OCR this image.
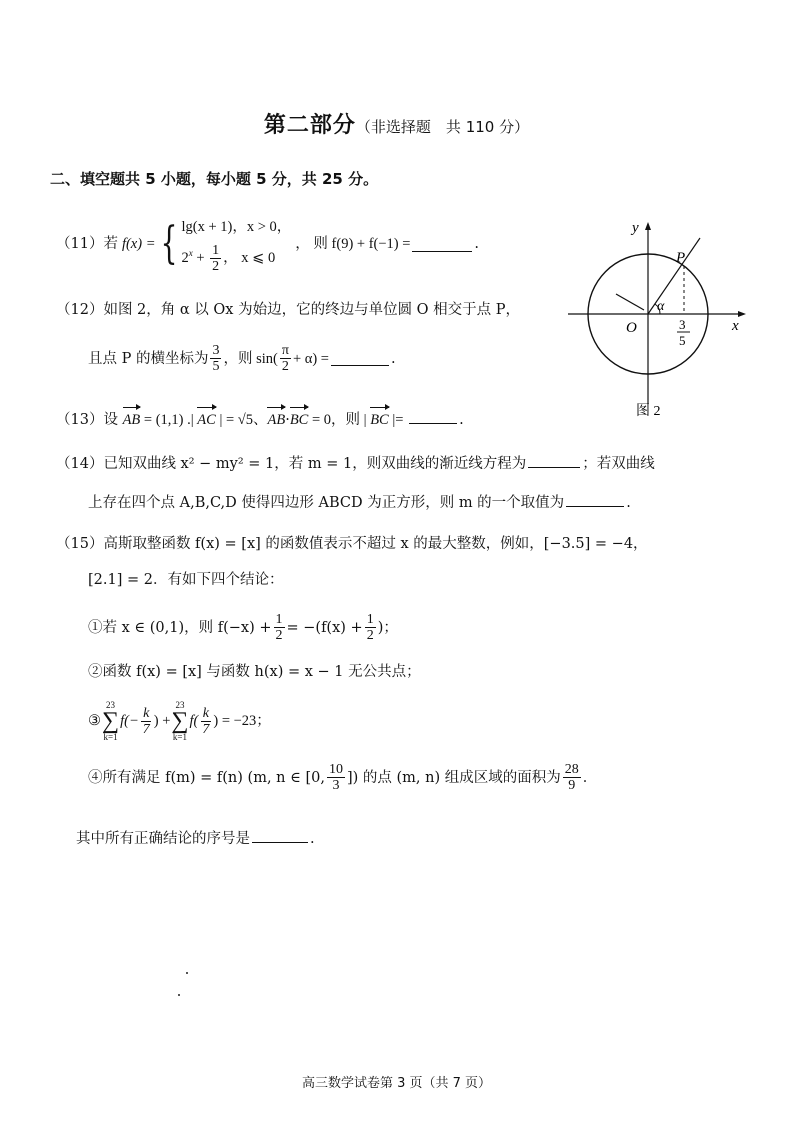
第二部分（非选择题　共 110 分）
二、填空题共 5 小题，每小题 5 分，共 25 分。
（11）若 f(x) = { lg(x + 1)，x > 0，
$2^x + \frac{1}{2}$ ， x ⩽ 0
， 则 f(9) + f(−1) =	.
（12）如图 2，角 α 以 Ox 为始边，它的终边与单位圆 O 相交于点 P，
且点 P 的横坐标为 $\frac{3}{5}$ ，则 $\sin( \frac{\pi}{2} + \alpha)$ =	.
（13）设 AB = (1,1) .| AC | = √5、AB·BC = 0，则 | BC |=	.
（14）已知双曲线 x² − my² = 1，若 m = 1，则双曲线的渐近线方程为	；若双曲线
上存在四个点 A,B,C,D 使得四边形 ABCD 为正方形，则 m 的一个取值为	.
（15）高斯取整函数 f(x) = [x] 的函数值表示不超过 x 的最大整数，例如，[−3.5] = −4，
[2.1] = 2．有如下四个结论：
①若 x ∈ (0,1)，则 $f(-x) + \frac{1}{2} = -(f(x) + \frac{1}{2}$ )；
②函数 f(x) = [x] 与函数 h(x) = x − 1 无公共点；
③
23
∑
k=1
$f(- \frac{k}{7}$ ) +
23
∑
k=1
$f( \frac{k}{7}$ ) = −23；
④所有满足 f(m) = f(n) (m, n ∈ [0, $\frac{10}{3}$ ]) 的点 (m, n) 组成区域的面积为 $\frac{28}{9}$ ．
其中所有正确结论的序号是	.
y
x
O
P
α
3
5
图 2
高三数学试卷第 3 页（共 7 页）
